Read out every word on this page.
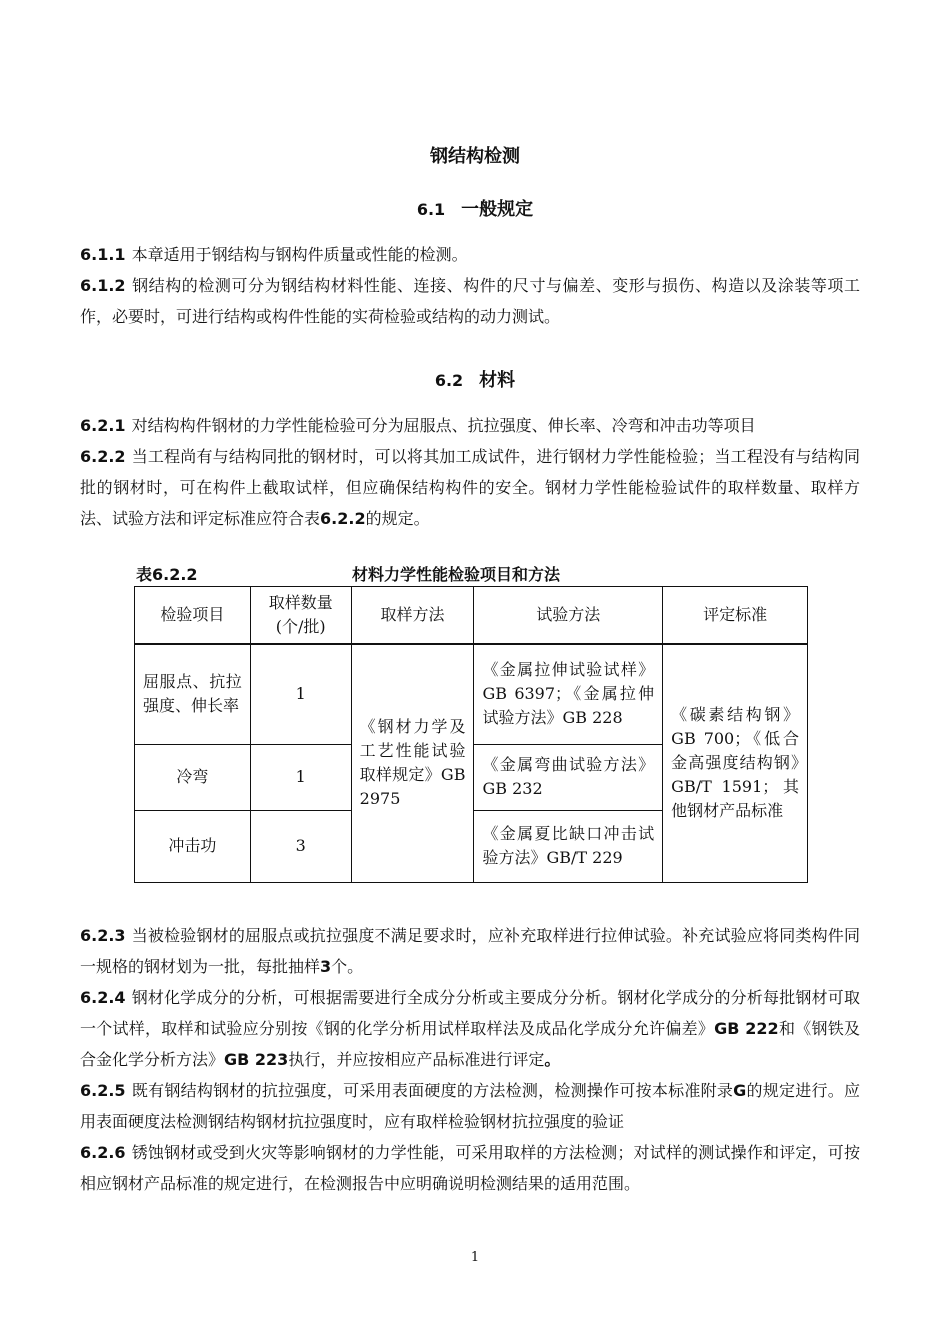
钢结构检测
6.1 一般规定
6.1.1 本章适用于钢结构与钢构件质量或性能的检测。
6.1.2 钢结构的检测可分为钢结构材料性能、连接、构件的尺寸与偏差、变形与损伤、构造以及涂装等项工作，必要时，可进行结构或构件性能的实荷检验或结构的动力测试。
6.2 材料
6.2.1 对结构构件钢材的力学性能检验可分为屈服点、抗拉强度、伸长率、冷弯和冲击功等项目
6.2.2 当工程尚有与结构同批的钢材时，可以将其加工成试件，进行钢材力学性能检验；当工程没有与结构同批的钢材时，可在构件上截取试样，但应确保结构构件的安全。钢材力学性能检验试件的取样数量、取样方法、试验方法和评定标准应符合表6.2.2的规定。
表6.2.2	材料力学性能检验项目和方法
检验项目	取样数量(个/批)	取样方法	试验方法	评定标准
屈服点、抗拉强度、伸长率	1	《钢材力学及工艺性能试验取样规定》GB 2975	《金属拉伸试验试样》GB 6397；《金属拉伸试验方法》GB 228	《碳素结构钢》GB 700；《低合金高强度结构钢》GB/T 1591；其他钢材产品标准
冷弯	1		《金属弯曲试验方法》GB 232	
冲击功	3		《金属夏比缺口冲击试验方法》GB/T 229	
6.2.3 当被检验钢材的屈服点或抗拉强度不满足要求时，应补充取样进行拉伸试验。补充试验应将同类构件同一规格的钢材划为一批，每批抽样3个。
6.2.4 钢材化学成分的分析，可根据需要进行全成分分析或主要成分分析。钢材化学成分的分析每批钢材可取一个试样，取样和试验应分别按《钢的化学分析用试样取样法及成品化学成分允许偏差》GB 222和《钢铁及合金化学分析方法》GB 223执行，并应按相应产品标准进行评定。
6.2.5 既有钢结构钢材的抗拉强度，可采用表面硬度的方法检测，检测操作可按本标准附录G的规定进行。应用表面硬度法检测钢结构钢材抗拉强度时，应有取样检验钢材抗拉强度的验证
6.2.6 锈蚀钢材或受到火灾等影响钢材的力学性能，可采用取样的方法检测；对试样的测试操作和评定，可按相应钢材产品标准的规定进行，在检测报告中应明确说明检测结果的适用范围。
1
